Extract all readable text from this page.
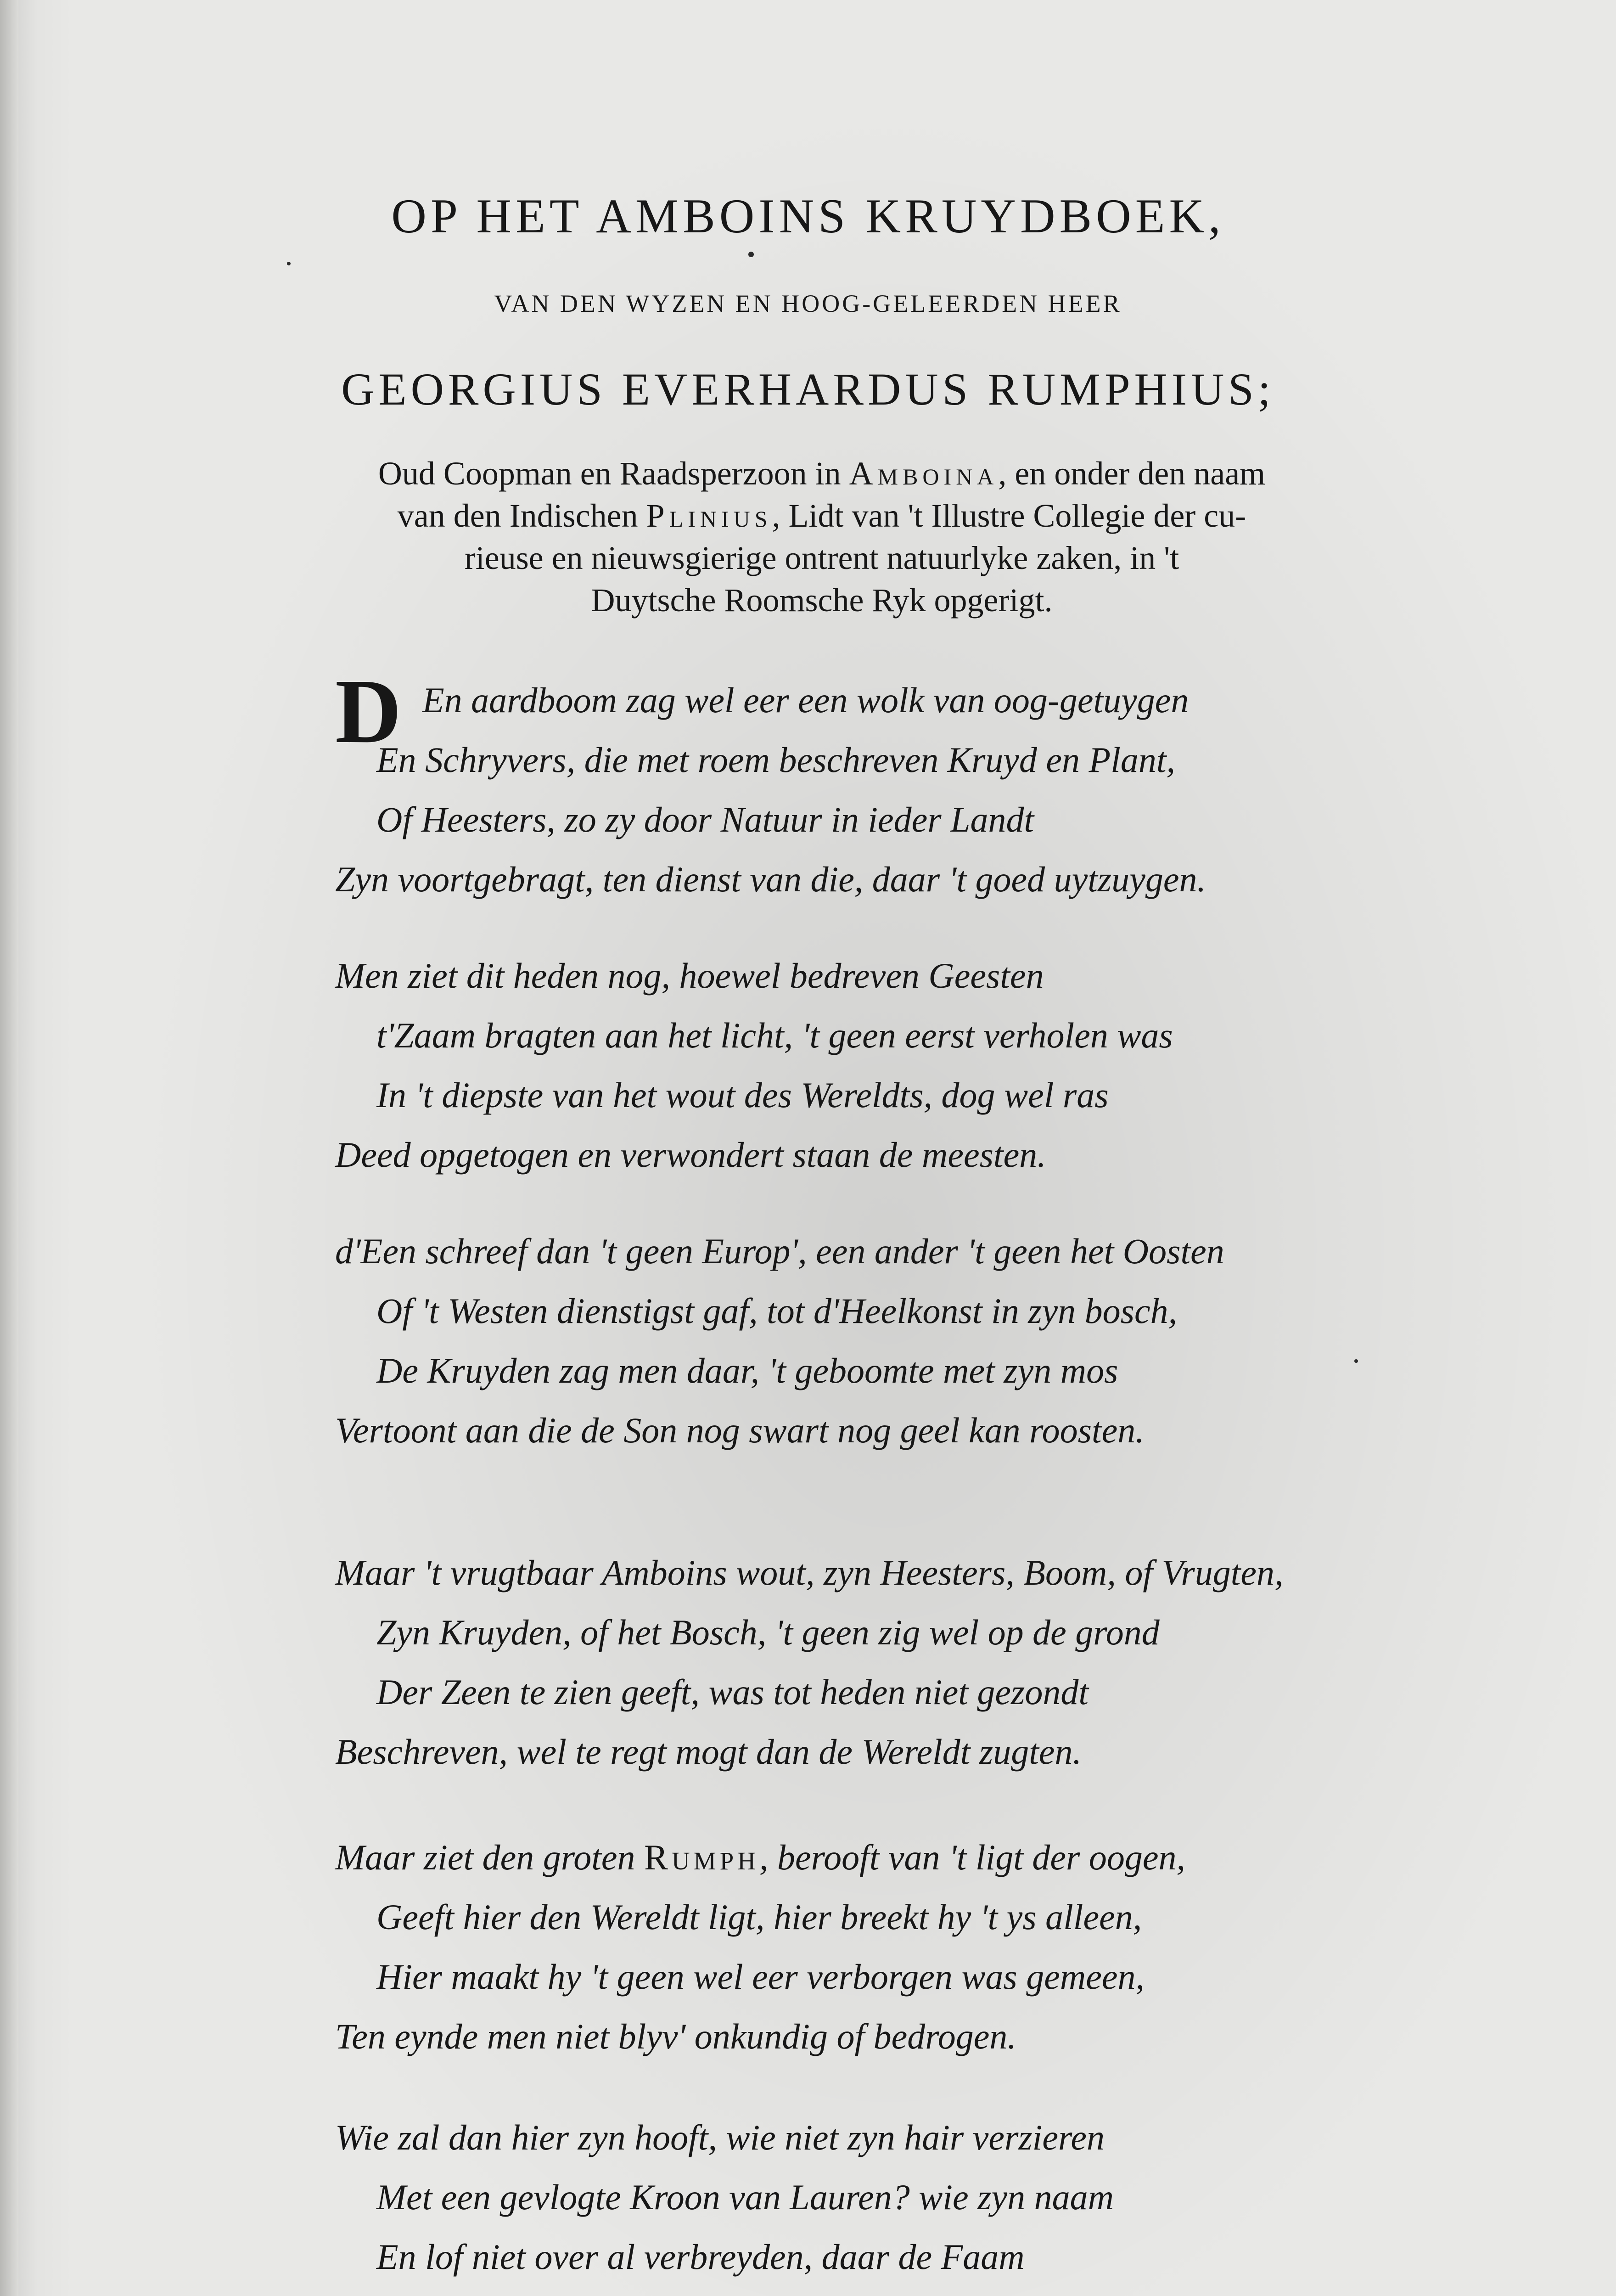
OP HET AMBOINS KRUYDBOEK,
VAN DEN WYZEN EN HOOG-GELEERDEN HEER
GEORGIUS EVERHARDUS RUMPHIUS;
Oud Coopman en Raadsperzoon in Amboina, en onder den naam
van den Indischen Plinius, Lidt van 't Illustre Collegie der cu-
rieuse en nieuwsgierige ontrent natuurlyke zaken, in 't
Duytsche Roomsche Ryk opgerigt.
D En aardboom zag wel eer een wolk van oog-getuygen
En Schryvers, die met roem beschreven Kruyd en Plant,
Of Heesters, zo zy door Natuur in ieder Landt
Zyn voortgebragt, ten dienst van die, daar 't goed uytzuygen.
Men ziet dit heden nog, hoewel bedreven Geesten
t'Zaam bragten aan het licht, 't geen eerst verholen was
In 't diepste van het wout des Wereldts, dog wel ras
Deed opgetogen en verwondert staan de meesten.
d'Een schreef dan 't geen Europ', een ander 't geen het Oosten
Of 't Westen dienstigst gaf, tot d'Heelkonst in zyn bosch,
De Kruyden zag men daar, 't geboomte met zyn mos
Vertoont aan die de Son nog swart nog geel kan roosten.
Maar 't vrugtbaar Amboins wout, zyn Heesters, Boom, of Vrugten,
Zyn Kruyden, of het Bosch, 't geen zig wel op de grond
Der Zeen te zien geeft, was tot heden niet gezondt
Beschreven, wel te regt mogt dan de Wereldt zugten.
Maar ziet den groten Rumph, berooft van 't ligt der oogen,
Geeft hier den Wereldt ligt, hier breekt hy 't ys alleen,
Hier maakt hy 't geen wel eer verborgen was gemeen,
Ten eynde men niet blyv' onkundig of bedrogen.
Wie zal dan hier zyn hooft, wie niet zyn hair verzieren
Met een gevlogte Kroon van Lauren? wie zyn naam
En lof niet over al verbreyden, daar de Faam
